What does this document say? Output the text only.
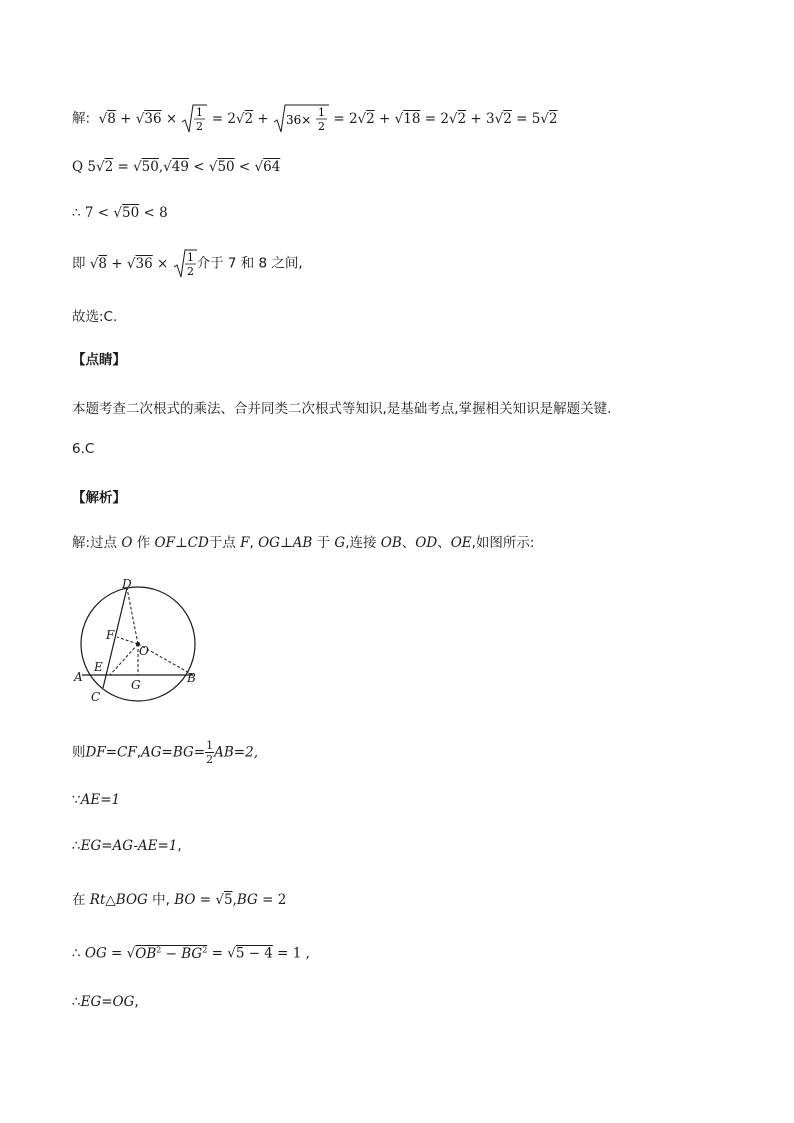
解: √8 + √36 × 1
2 = 2√2 + 36×
1
2 = 2√2 + √18 = 2√2 + 3√2 = 5√2
Q 5√2 = √50,√49 < √50 < √64
∴ 7 < √50 < 8
即 √8 + √36 × 1
2 介于 7 和 8 之间,
故选:C.
【点睛】
本题考查二次根式的乘法、合并同类二次根式等知识,是基础考点,掌握相关知识是解题关键.
6.C
【解析】
解:过点 O 作 OF⊥CD于点 F, OG⊥AB 于 G,连接 OB、OD、OE,如图所示:
D
F
O
E
A	B
C
G
则$DF=CF,AG=BG= \frac{1}{2} AB=2$,
∵AE=1
∴EG=AG-AE=1,
在 Rt△BOG 中, BO = √5,BG = 2
∴ OG = $√OB^2 - BG^2 = √5 - 4 = 1$ ,
∴EG=OG,
